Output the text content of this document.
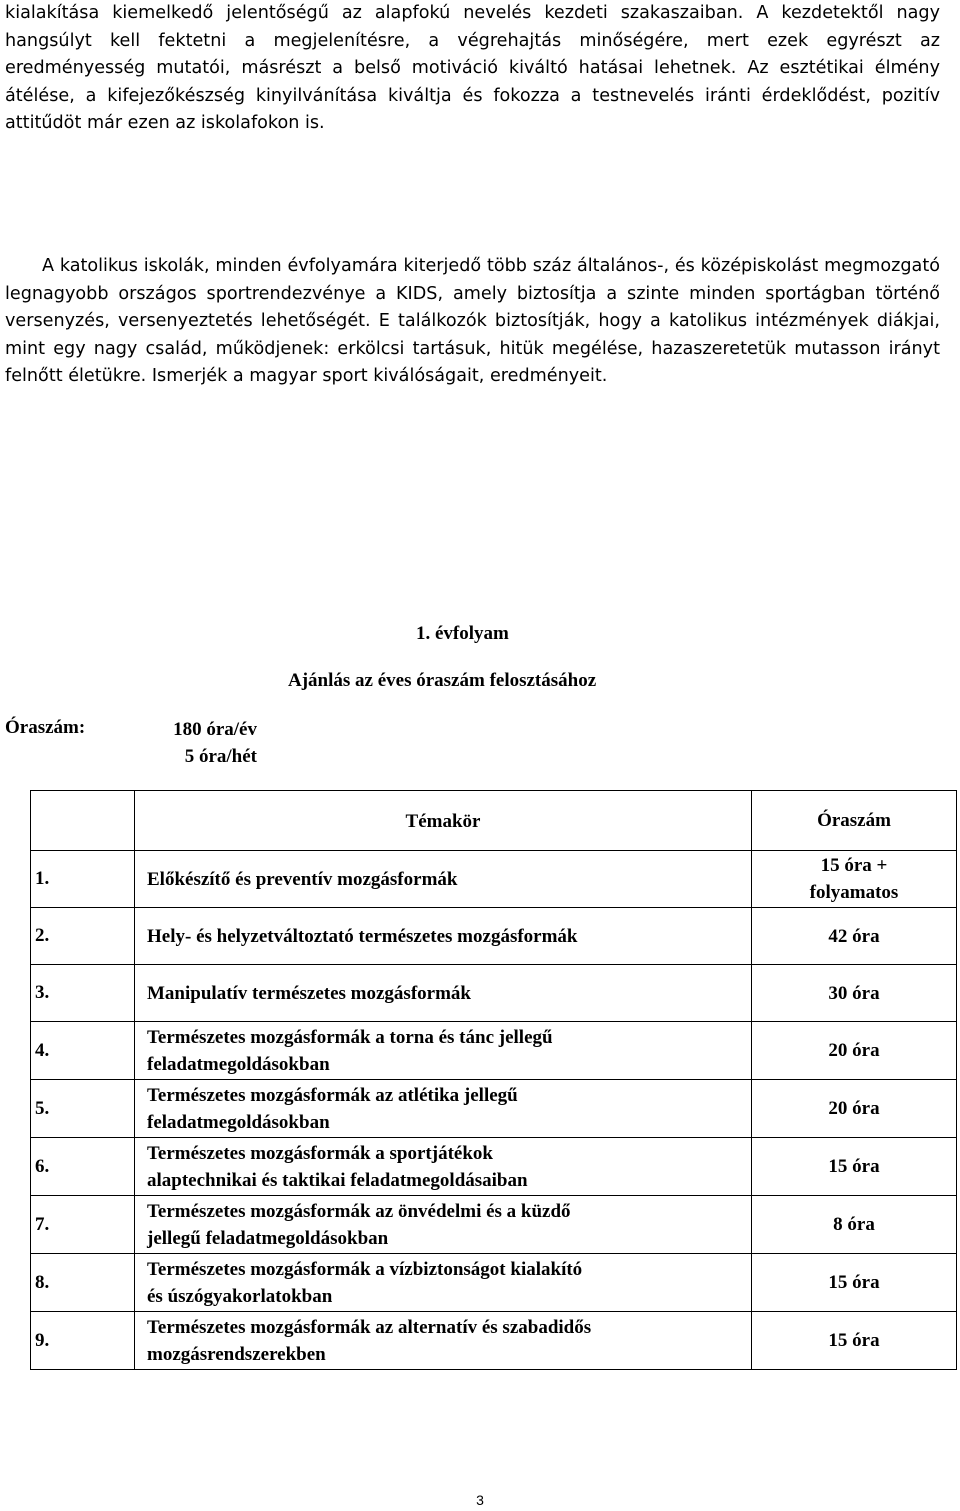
kialakítása kiemelkedő jelentőségű az alapfokú nevelés kezdeti szakaszaiban. A kezdetektől nagy hangsúlyt kell fektetni a megjelenítésre, a végrehajtás minőségére, mert ezek egyrészt az eredményesség mutatói, másrészt a belső motiváció kiváltó hatásai lehetnek. Az esztétikai élmény átélése, a kifejezőkészség kinyilvánítása kiváltja és fokozza a testnevelés iránti érdeklődést, pozitív attitűdöt már ezen az iskolafokon is.

A katolikus iskolák, minden évfolyamára kiterjedő több száz általános-, és középiskolást megmozgató legnagyobb országos sportrendezvénye a KIDS, amely biztosítja a szinte minden sportágban történő versenyzés, versenyeztetés lehetőségét. E találkozók biztosítják, hogy a katolikus intézmények diákjai, mint egy nagy család, működjenek: erkölcsi tartásuk, hitük megélése, hazaszeretetük mutasson irányt felnőtt életükre. Ismerjék a magyar sport kiválóságait, eredményeit.

1. évfolyam
Ajánlás az éves óraszám felosztásához
Óraszám:	180 óra/év
5 óra/hét
	Témakör	Óraszám
1.	Előkészítő és preventív mozgásformák	15 óra + folyamatos
2.	Hely- és helyzetváltoztató természetes mozgásformák	42 óra
3.	Manipulatív természetes mozgásformák	30 óra
4.	Természetes mozgásformák a torna és tánc jellegű feladatmegoldásokban	20 óra
5.	Természetes mozgásformák az atlétika jellegű feladatmegoldásokban	20 óra
6.	Természetes mozgásformák a sportjátékok alaptechnikai és taktikai feladatmegoldásaiban	15 óra
7.	Természetes mozgásformák az önvédelmi és a küzdő jellegű feladatmegoldásokban	8 óra
8.	Természetes mozgásformák a vízbiztonságot kialakító és úszógyakorlatokban	15 óra
9.	Természetes mozgásformák az alternatív és szabadidős mozgásrendszerekben	15 óra
3
